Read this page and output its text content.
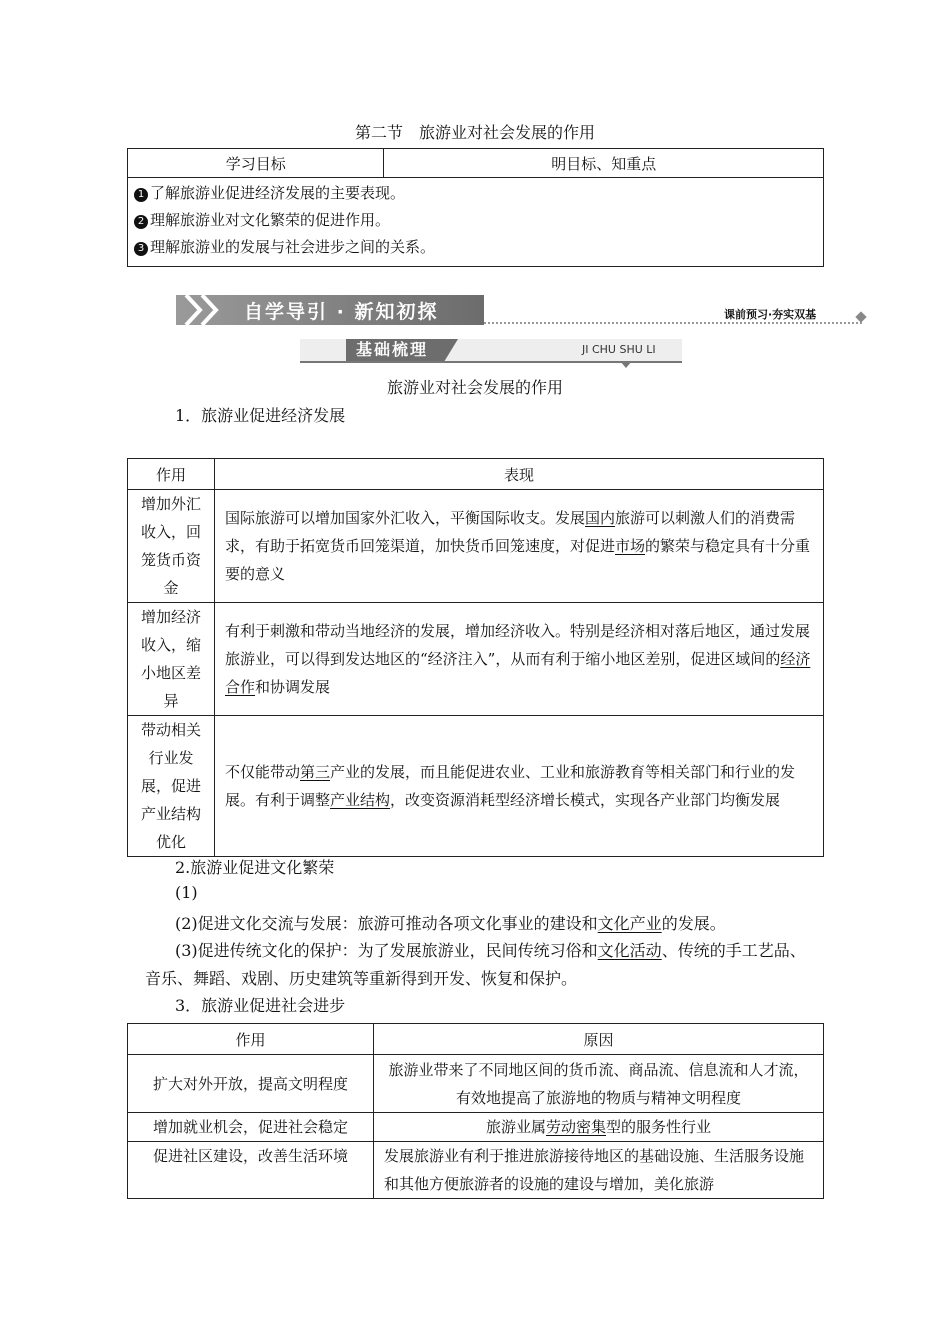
第二节　旅游业对社会发展的作用
学习目标	明目标、知重点

1 了解旅游业促进经济发展的主要表现。
2 理解旅游业对文化繁荣的促进作用。
3 理解旅游业的发展与社会进步之间的关系。
自学导引 · 新知初探	课前预习·夯实双基
基础梳理	JI CHU SHU LI
旅游业对社会发展的作用
1．旅游业促进经济发展
作用	表现
增加外汇收入，回笼货币资金	国际旅游可以增加国家外汇收入，平衡国际收支。发展国内旅游可以刺激人们的消费需求，有助于拓宽货币回笼渠道，加快货币回笼速度，对促进市场的繁荣与稳定具有十分重要的意义
增加经济收入，缩小地区差异	有利于刺激和带动当地经济的发展，增加经济收入。特别是经济相对落后地区，通过发展旅游业，可以得到发达地区的“经济注入”，从而有利于缩小地区差别，促进区域间的经济合作和协调发展
带动相关行业发展，促进产业结构优化	不仅能带动第三产业的发展，而且能促进农业、工业和旅游教育等相关部门和行业的发展。有利于调整产业结构，改变资源消耗型经济增长模式，实现各产业部门均衡发展
2.旅游业促进文化繁荣
(1)
(2)促进文化交流与发展：旅游可推动各项文化事业的建设和文化产业的发展。
(3)促进传统文化的保护：为了发展旅游业，民间传统习俗和文化活动、传统的手工艺品、音乐、舞蹈、戏剧、历史建筑等重新得到开发、恢复和保护。
3．旅游业促进社会进步
作用	原因
扩大对外开放，提高文明程度	旅游业带来了不同地区间的货币流、商品流、信息流和人才流，有效地提高了旅游地的物质与精神文明程度
增加就业机会，促进社会稳定	旅游业属劳动密集型的服务性行业
促进社区建设，改善生活环境	发展旅游业有利于推进旅游接待地区的基础设施、生活服务设施和其他方便旅游者的设施的建设与增加，美化旅游
